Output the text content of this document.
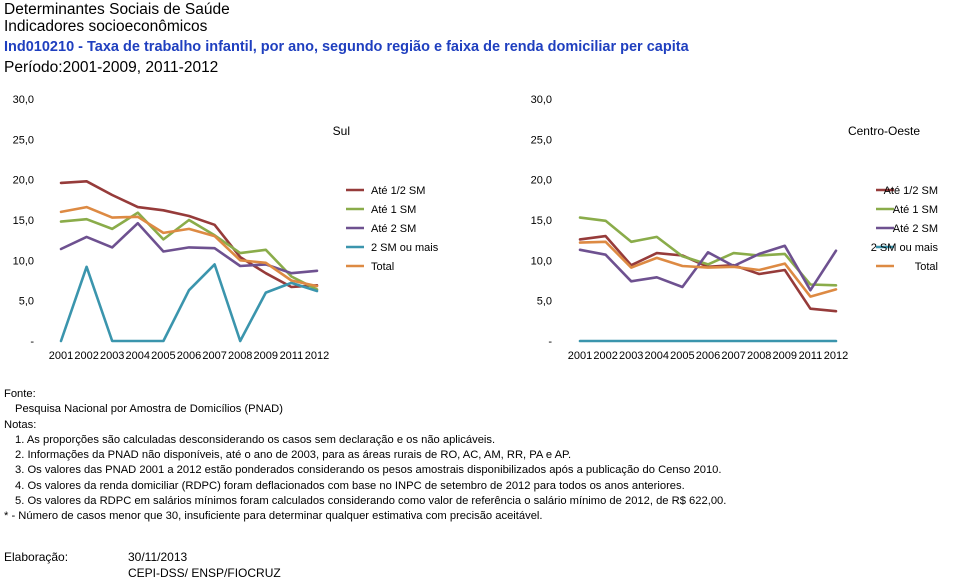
Determinantes Sociais de Saúde
Indicadores socioeconômicos
Ind010210 - Taxa de trabalho infantil, por ano, segundo região e faixa de renda domiciliar per capita
Período:2001-2009, 2011-2012
30,0
25,0
20,0
15,0
10,0
5,0
-
2001 2002 2003 2004 2005 2006 2007 2008 2009 2011 2012
Sul
Até 1/2 SM
Até 1 SM
Até 2 SM
2 SM ou mais
Total
30,0
25,0
20,0
15,0
10,0
5,0
-
2001 2002 2003 2004 2005 2006 2007 2008 2009 2011 2012
Centro-Oeste
Até 1/2 SM
Até 1 SM
Até 2 SM
2 SM ou mais
Total
Fonte:
Pesquisa Nacional por Amostra de Domicílios (PNAD)
Notas:
1. As proporções são calculadas desconsiderando os casos sem declaração e os não aplicáveis.
2. Informações da PNAD não disponíveis, até o ano de 2003, para as áreas rurais de RO, AC, AM, RR, PA e AP.
3. Os valores das PNAD 2001 a 2012 estão ponderados considerando os pesos amostrais disponibilizados após a publicação do Censo 2010.
4. Os valores da renda domiciliar (RDPC) foram deflacionados com base no INPC de setembro de 2012 para todos os anos anteriores.
5. Os valores da RDPC em salários mínimos foram calculados considerando como valor de referência o salário mínimo de 2012, de R$ 622,00.
* - Número de casos menor que 30, insuficiente para determinar qualquer estimativa com precisão aceitável.
Elaboração:	30/11/2013
CEPI-DSS/ ENSP/FIOCRUZ
